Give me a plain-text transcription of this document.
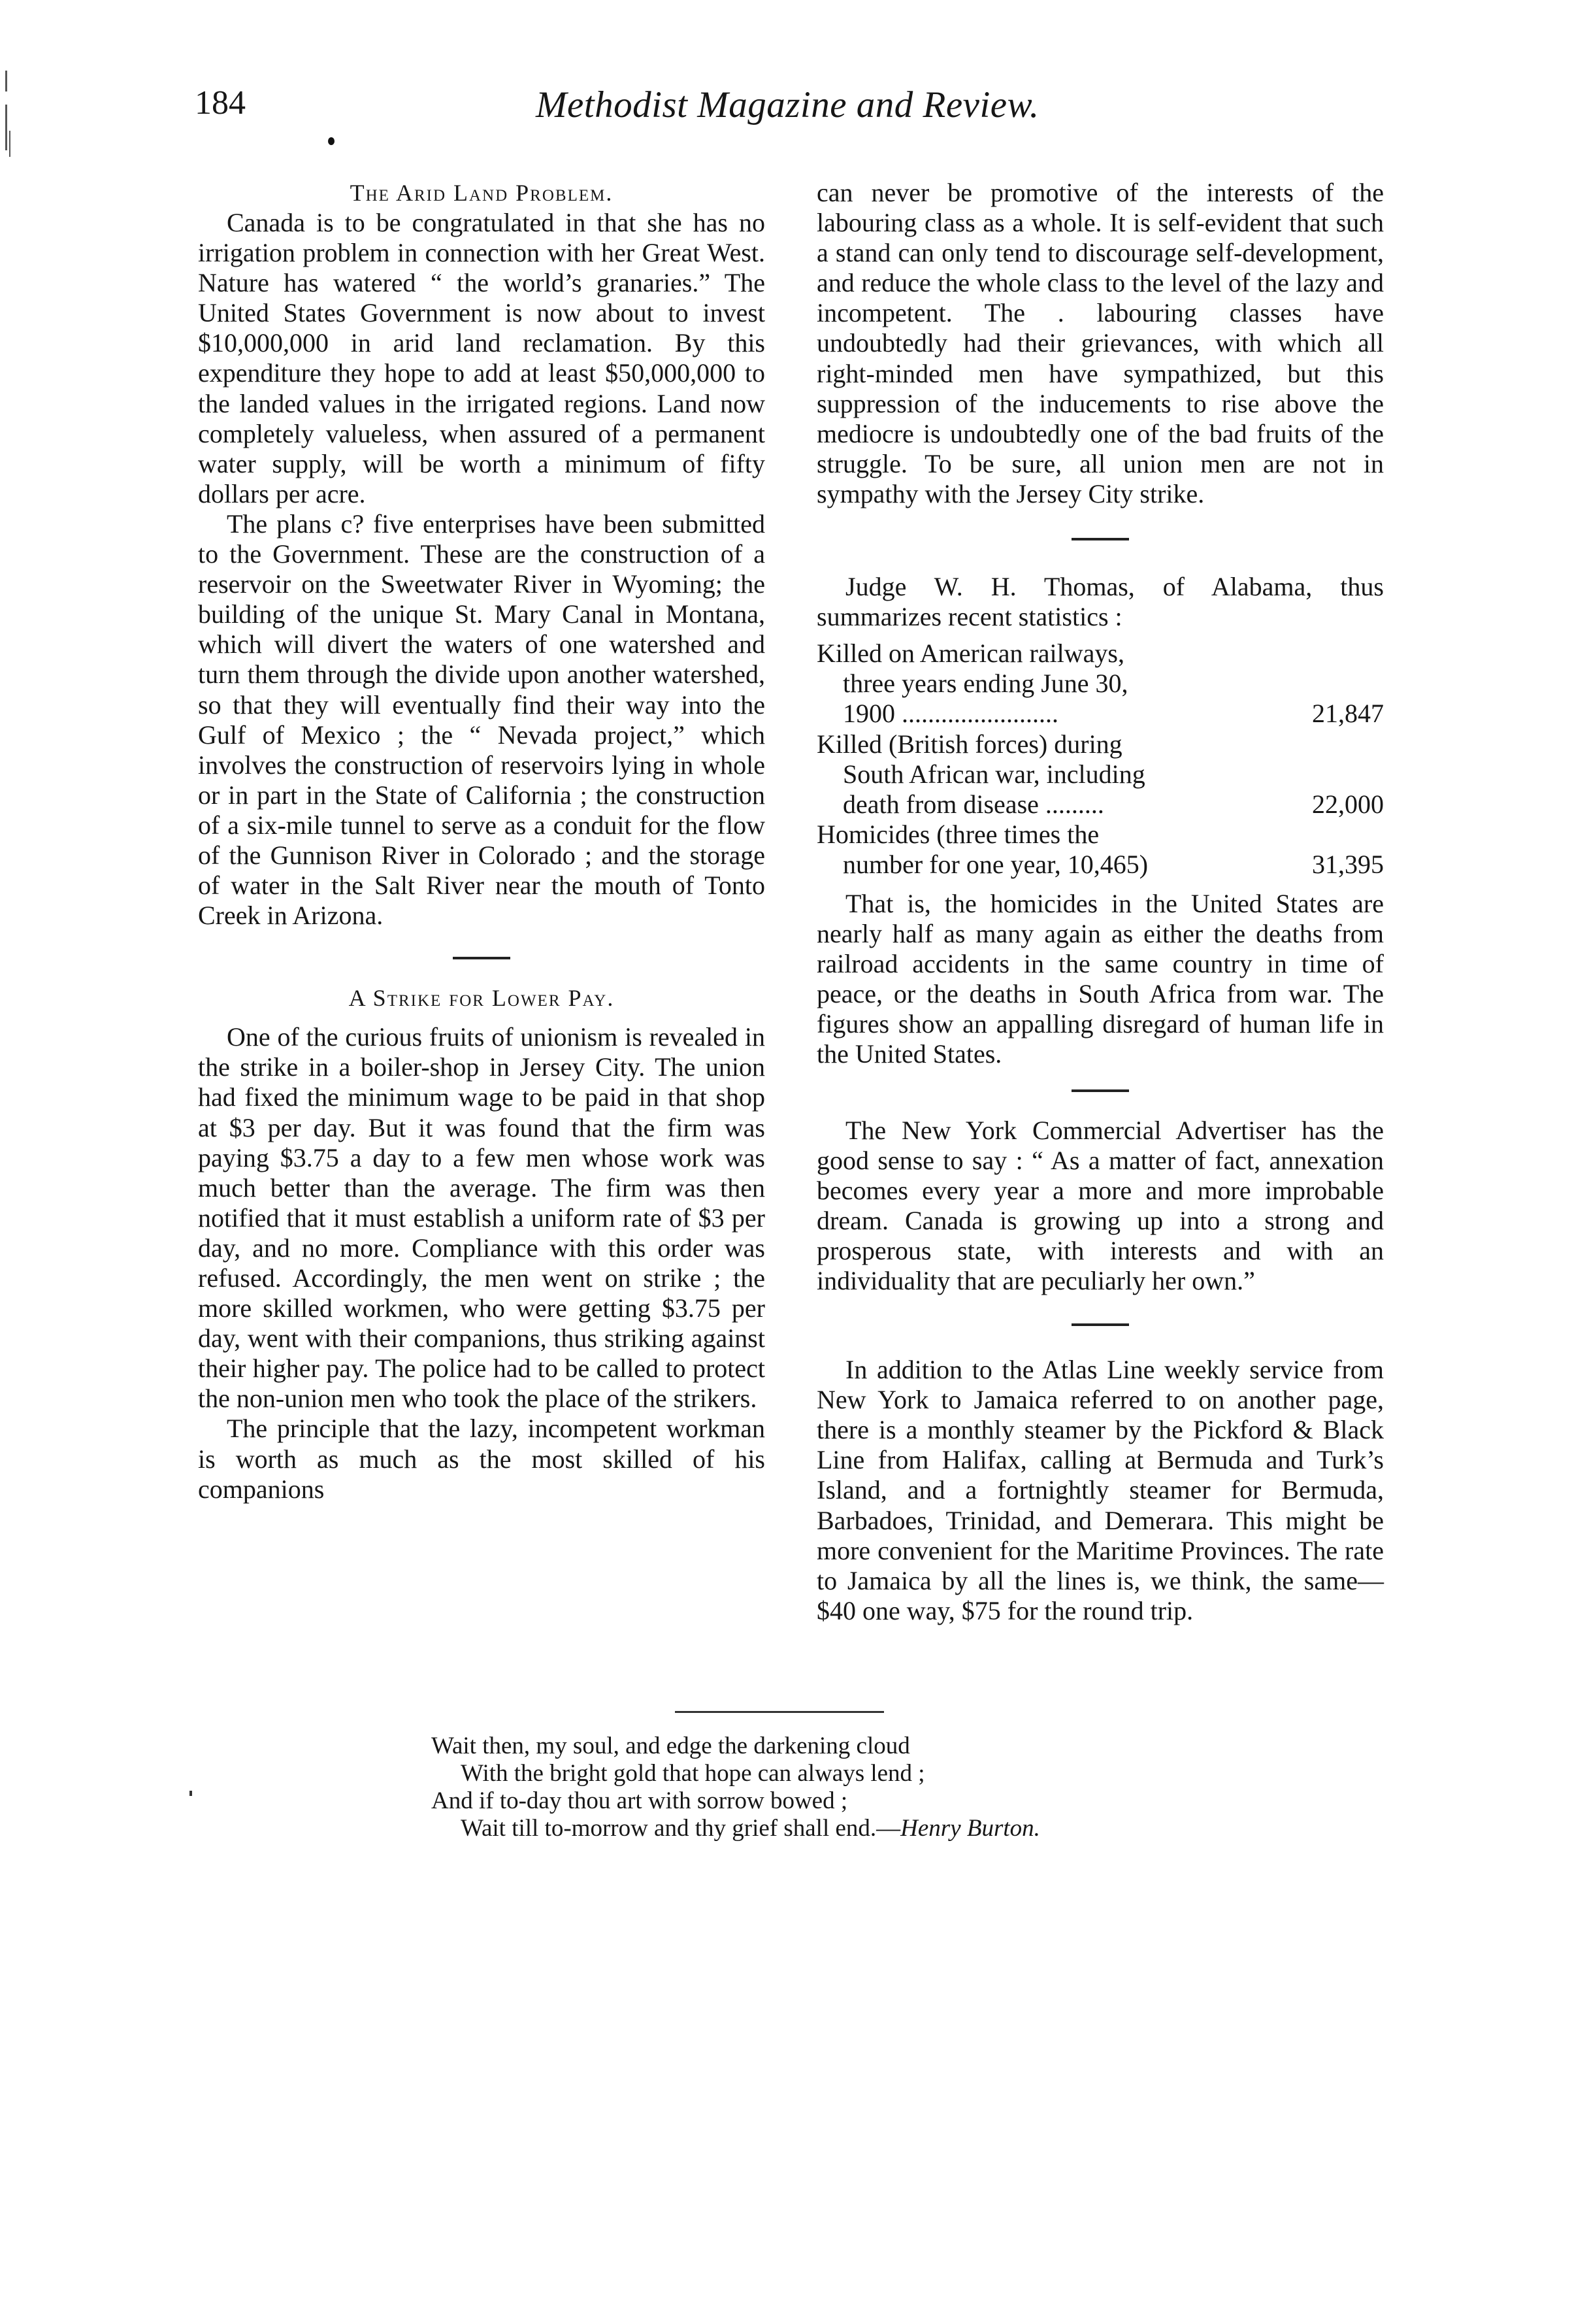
184	Methodist Magazine and Review.
The Arid Land Problem.

Canada is to be congratulated in that she has no irrigation problem in connection with her Great West. Nature has watered “ the world’s granaries.” The United States Government is now about to invest $10,000,000 in arid land reclamation. By this expenditure they hope to add at least $50,000,000 to the landed values in the irrigated regions. Land now completely valueless, when assured of a permanent water supply, will be worth a minimum of fifty dollars per acre.

The plans c? five enterprises have been submitted to the Government. These are the construction of a reservoir on the Sweetwater River in Wyoming; the building of the unique St. Mary Canal in Montana, which will divert the waters of one watershed and turn them through the divide upon another watershed, so that they will eventually find their way into the Gulf of Mexico ; the “ Nevada project,” which involves the construction of reservoirs lying in whole or in part in the State of California ; the construction of a six-mile tunnel to serve as a conduit for the flow of the Gunnison River in Colorado ; and the storage of water in the Salt River near the mouth of Tonto Creek in Arizona.

A Strike for Lower Pay.

One of the curious fruits of unionism is revealed in the strike in a boiler-shop in Jersey City. The union had fixed the minimum wage to be paid in that shop at $3 per day. But it was found that the firm was paying $3.75 a day to a few men whose work was much better than the average. The firm was then notified that it must establish a uniform rate of $3 per day, and no more. Compliance with this order was refused. Accordingly, the men went on strike ; the more skilled workmen, who were getting $3.75 per day, went with their companions, thus striking against their higher pay. The police had to be called to protect the non-union men who took the place of the strikers.

The principle that the lazy, incompetent workman is worth as much as the most skilled of his companions

can never be promotive of the interests of the labouring class as a whole. It is self-evident that such a stand can only tend to discourage self-development, and reduce the whole class to the level of the lazy and incompetent. The . labouring classes have undoubtedly had their grievances, with which all right-minded men have sympathized, but this suppression of the inducements to rise above the mediocre is undoubtedly one of the bad fruits of the struggle. To be sure, all union men are not in sympathy with the Jersey City strike.

Judge W. H. Thomas, of Alabama, thus summarizes recent statistics :

Killed on American railways,
three years ending June 30,
1900 ........................	21,847
Killed (British forces) during
South African war, including
death from disease .........	22,000
Homicides (three times the
number for one year, 10,465)	31,395

That is, the homicides in the United States are nearly half as many again as either the deaths from railroad accidents in the same country in time of peace, or the deaths in South Africa from war. The figures show an appalling disregard of human life in the United States.

The New York Commercial Advertiser has the good sense to say : “ As a matter of fact, annexation becomes every year a more and more improbable dream. Canada is growing up into a strong and prosperous state, with interests and with an individuality that are peculiarly her own.”

In addition to the Atlas Line weekly service from New York to Jamaica referred to on another page, there is a monthly steamer by the Pickford & Black Line from Halifax, calling at Bermuda and Turk’s Island, and a fortnightly steamer for Bermuda, Barbadoes, Trinidad, and Demerara. This might be more convenient for the Maritime Provinces. The rate to Jamaica by all the lines is, we think, the same—$40 one way, $75 for the round trip.

Wait then, my soul, and edge the darkening cloud
With the bright gold that hope can always lend ;
And if to-day thou art with sorrow bowed ;
Wait till to-morrow and thy grief shall end.—Henry Burton.
